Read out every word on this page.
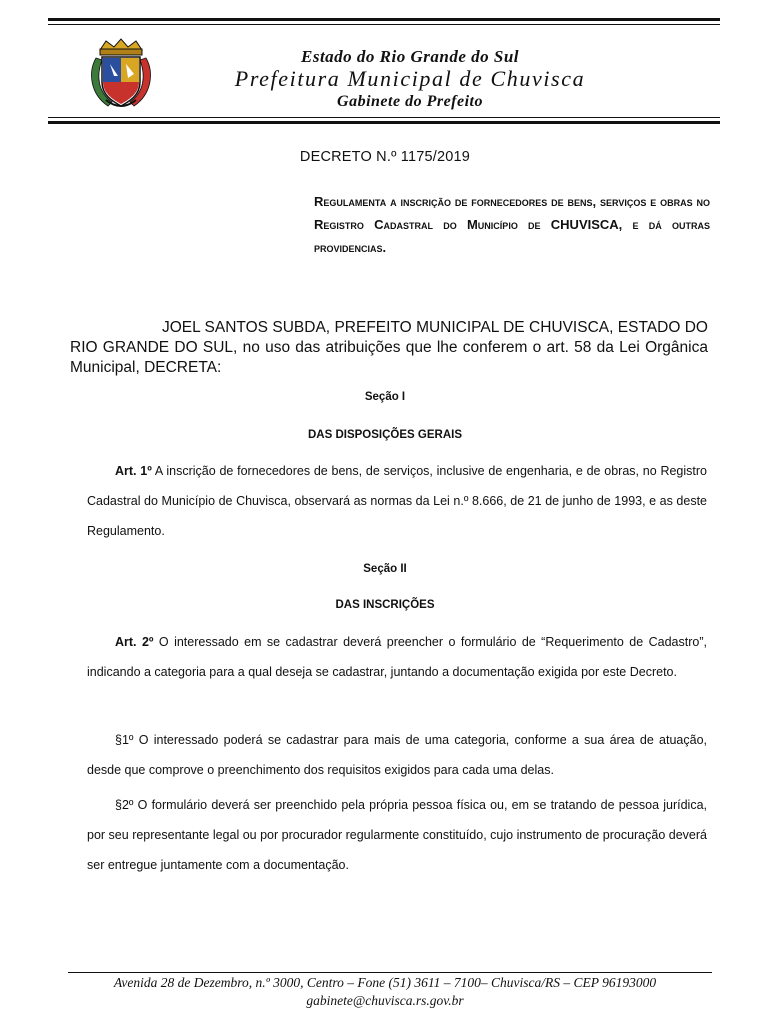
Estado do Rio Grande do Sul
Prefeitura Municipal de Chuvisca
Gabinete do Prefeito
DECRETO N.º 1175/2019
Regulamenta a inscrição de fornecedores de bens, serviços e obras no Registro Cadastral do Município de CHUVISCA, e dá outras providencias.

JOEL SANTOS SUBDA, PREFEITO MUNICIPAL DE CHUVISCA, ESTADO DO RIO GRANDE DO SUL, no uso das atribuições que lhe conferem o art. 58 da Lei Orgânica Municipal, DECRETA:

Seção I
DAS DISPOSIÇÕES GERAIS

Art. 1º A inscrição de fornecedores de bens, de serviços, inclusive de engenharia, e de obras, no Registro Cadastral do Município de Chuvisca, observará as normas da Lei n.º 8.666, de 21 de junho de 1993, e as deste Regulamento.

Seção II
DAS INSCRIÇÕES

Art. 2º O interessado em se cadastrar deverá preencher o formulário de “Requerimento de Cadastro”, indicando a categoria para a qual deseja se cadastrar, juntando a documentação exigida por este Decreto.

§1º O interessado poderá se cadastrar para mais de uma categoria, conforme a sua área de atuação, desde que comprove o preenchimento dos requisitos exigidos para cada uma delas.

§2º O formulário deverá ser preenchido pela própria pessoa física ou, em se tratando de pessoa jurídica, por seu representante legal ou por procurador regularmente constituído, cujo instrumento de procuração deverá ser entregue juntamente com a documentação.

Avenida 28 de Dezembro, n.º 3000, Centro – Fone (51) 3611 – 7100– Chuvisca/RS – CEP 96193000
gabinete@chuvisca.rs.gov.br
